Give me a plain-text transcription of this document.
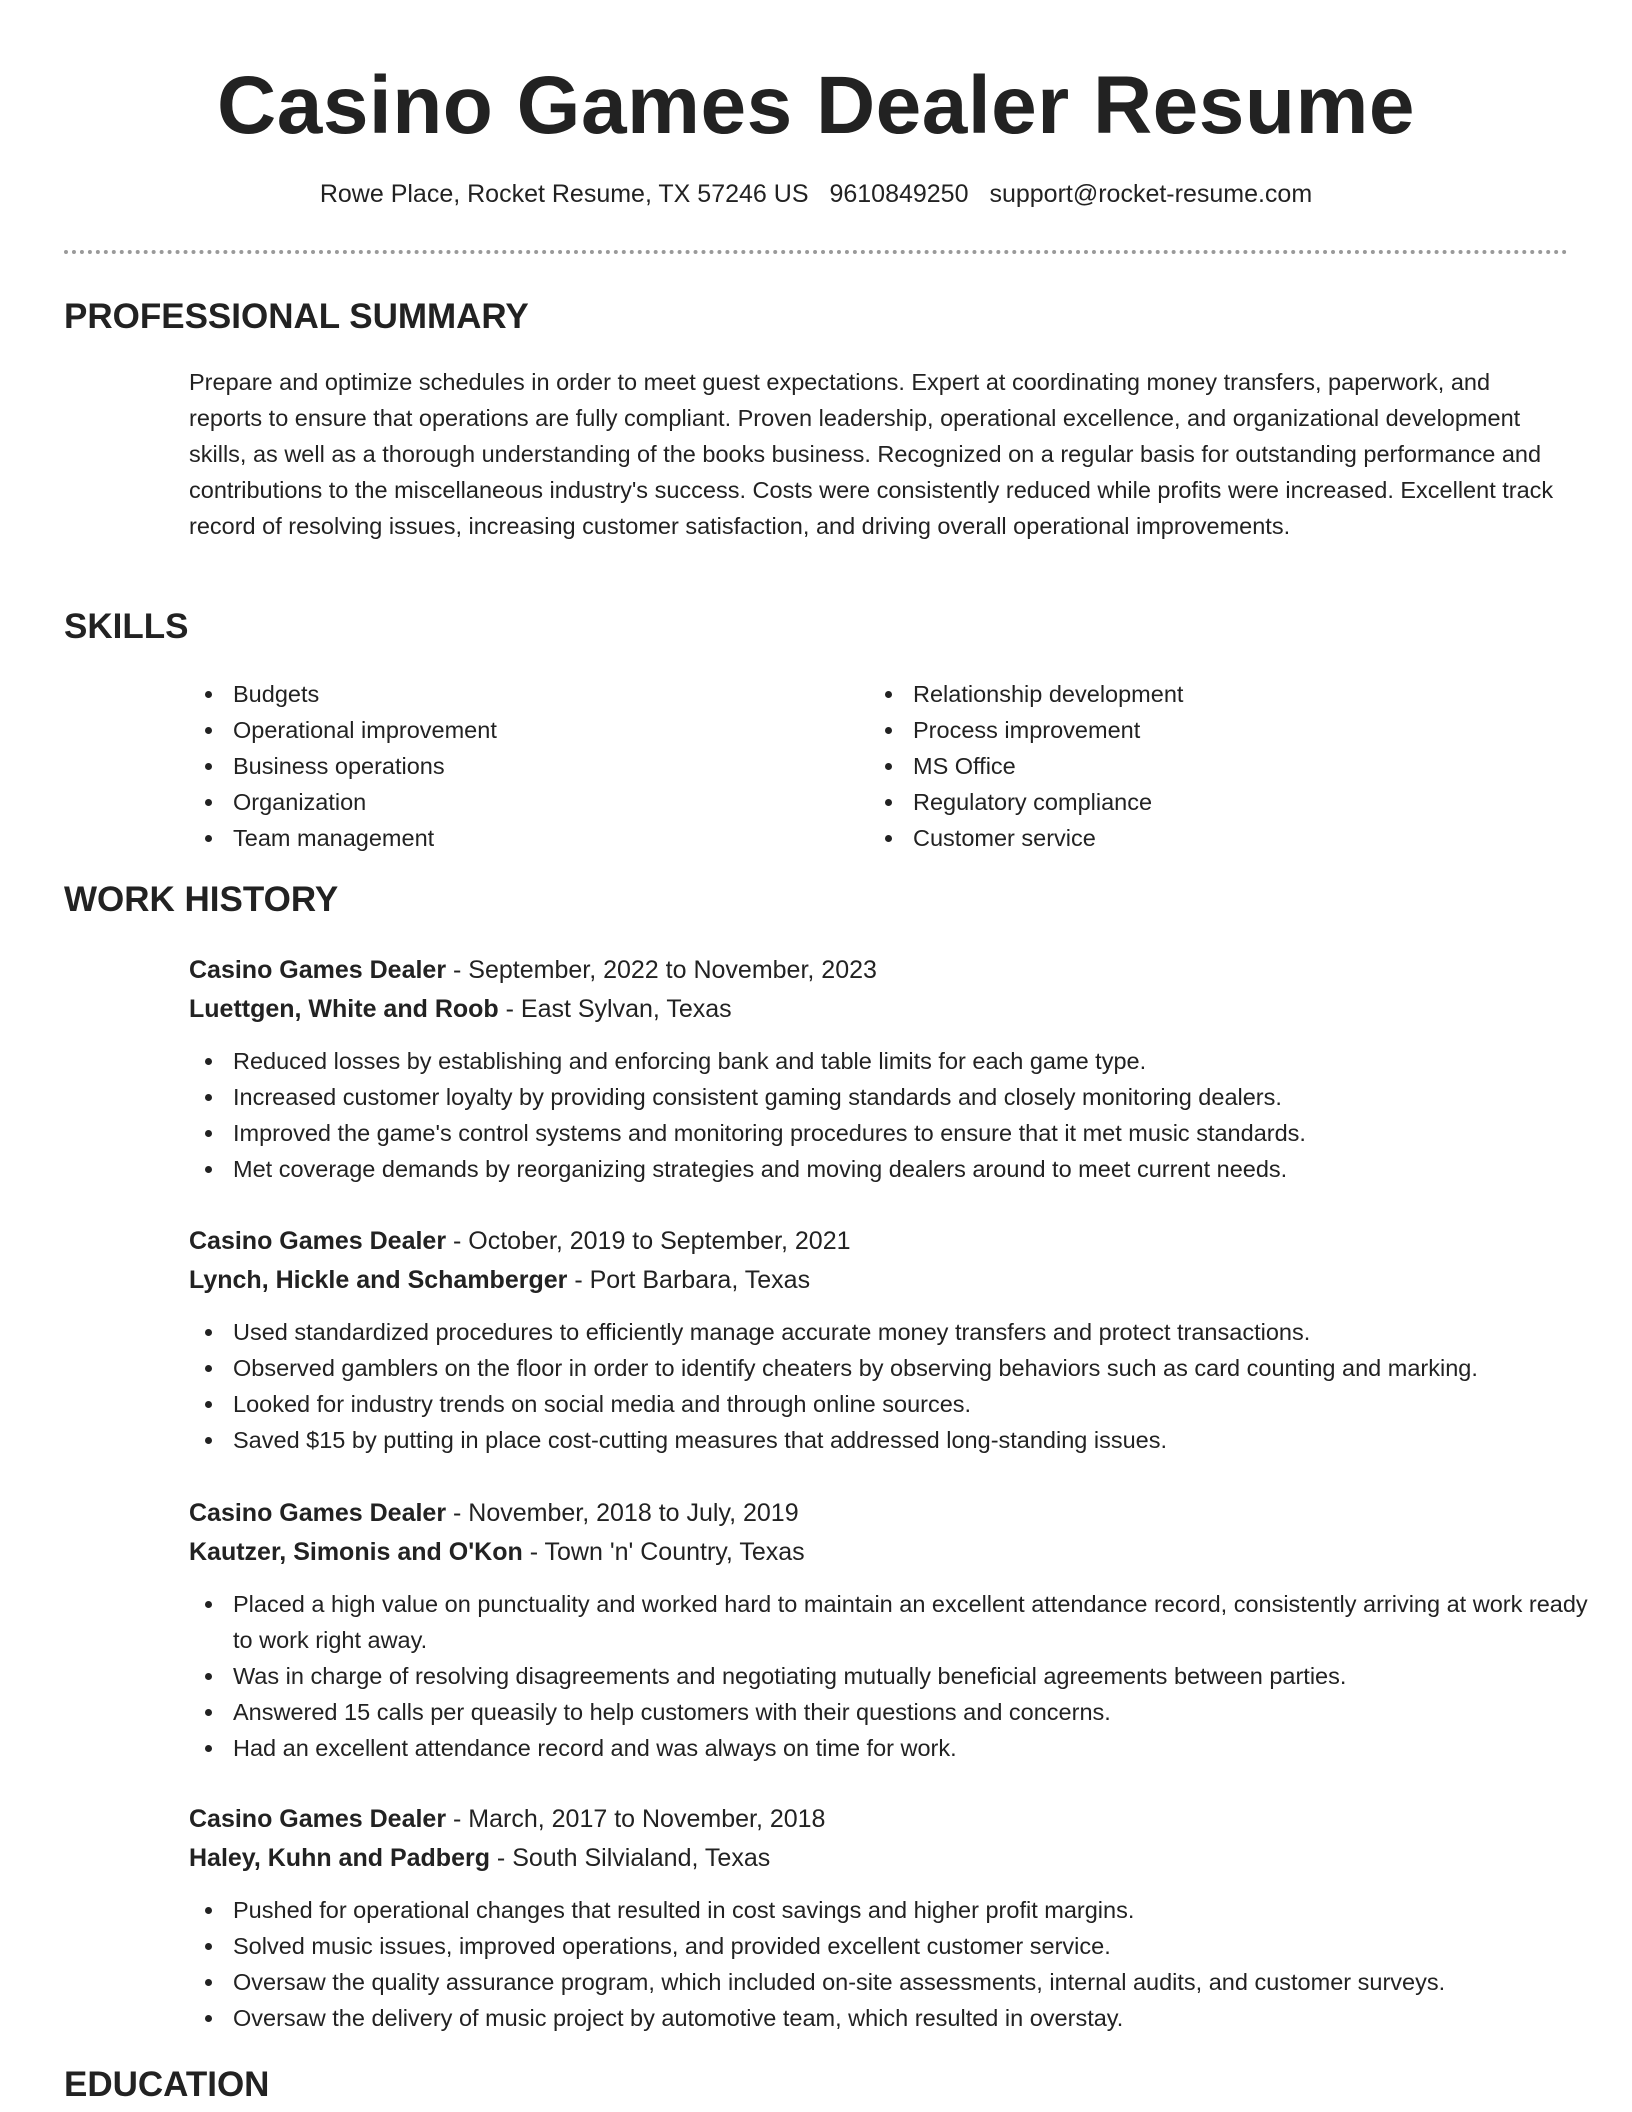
Casino Games Dealer Resume
Rowe Place, Rocket Resume, TX 57246 US 9610849250 support@rocket-resume.com
PROFESSIONAL SUMMARY

Prepare and optimize schedules in order to meet guest expectations. Expert at coordinating money transfers, paperwork, and reports to ensure that operations are fully compliant. Proven leadership, operational excellence, and organizational development skills, as well as a thorough understanding of the books business. Recognized on a regular basis for outstanding performance and contributions to the miscellaneous industry's success. Costs were consistently reduced while profits were increased. Excellent track record of resolving issues, increasing customer satisfaction, and driving overall operational improvements.

SKILLS
Budgets
Operational improvement
Business operations
Organization
Team management
Relationship development
Process improvement
MS Office
Regulatory compliance
Customer service
WORK HISTORY
Casino Games Dealer - September, 2022 to November, 2023
Luettgen, White and Roob - East Sylvan, Texas
Reduced losses by establishing and enforcing bank and table limits for each game type.
Increased customer loyalty by providing consistent gaming standards and closely monitoring dealers.
Improved the game's control systems and monitoring procedures to ensure that it met music standards.
Met coverage demands by reorganizing strategies and moving dealers around to meet current needs.
Casino Games Dealer - October, 2019 to September, 2021
Lynch, Hickle and Schamberger - Port Barbara, Texas
Used standardized procedures to efficiently manage accurate money transfers and protect transactions.
Observed gamblers on the floor in order to identify cheaters by observing behaviors such as card counting and marking.
Looked for industry trends on social media and through online sources.
Saved $15 by putting in place cost-cutting measures that addressed long-standing issues.
Casino Games Dealer - November, 2018 to July, 2019
Kautzer, Simonis and O'Kon - Town 'n' Country, Texas
Placed a high value on punctuality and worked hard to maintain an excellent attendance record, consistently arriving at work ready to work right away.
Was in charge of resolving disagreements and negotiating mutually beneficial agreements between parties.
Answered 15 calls per queasily to help customers with their questions and concerns.
Had an excellent attendance record and was always on time for work.
Casino Games Dealer - March, 2017 to November, 2018
Haley, Kuhn and Padberg - South Silvialand, Texas
Pushed for operational changes that resulted in cost savings and higher profit margins.
Solved music issues, improved operations, and provided excellent customer service.
Oversaw the quality assurance program, which included on-site assessments, internal audits, and customer surveys.
Oversaw the delivery of music project by automotive team, which resulted in overstay.
EDUCATION
